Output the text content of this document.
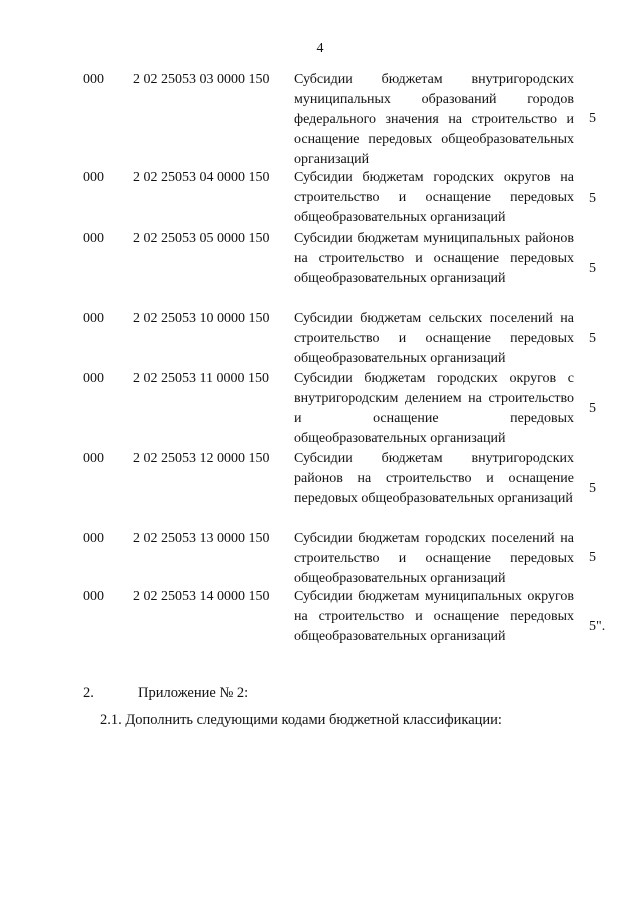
4
000	2 02 25053 03 0000 150	Субсидии бюджетам внутригородских муниципальных образований городов федерального значения на строительство и оснащение передовых общеобразовательных организаций
5
000	2 02 25053 04 0000 150	Субсидии бюджетам городских округов на строительство и оснащение передовых общеобразовательных организаций
5
000	2 02 25053 05 0000 150	Субсидии бюджетам муниципальных районов на строительство и оснащение передовых общеобразовательных организаций
5
000	2 02 25053 10 0000 150	Субсидии бюджетам сельских поселений на строительство и оснащение передовых общеобразовательных организаций
5
000	2 02 25053 11 0000 150	Субсидии бюджетам городских округов с внутригородским делением на строительство и оснащение передовых общеобразовательных организаций
5
000	2 02 25053 12 0000 150	Субсидии бюджетам внутригородских районов на строительство и оснащение передовых общеобразовательных организаций
5
000	2 02 25053 13 0000 150	Субсидии бюджетам городских поселений на строительство и оснащение передовых общеобразовательных организаций
5
000	2 02 25053 14 0000 150	Субсидии бюджетам муниципальных округов на строительство и оснащение передовых общеобразовательных организаций
5".
2.	Приложение № 2:
2.1. Дополнить следующими кодами бюджетной классификации:
